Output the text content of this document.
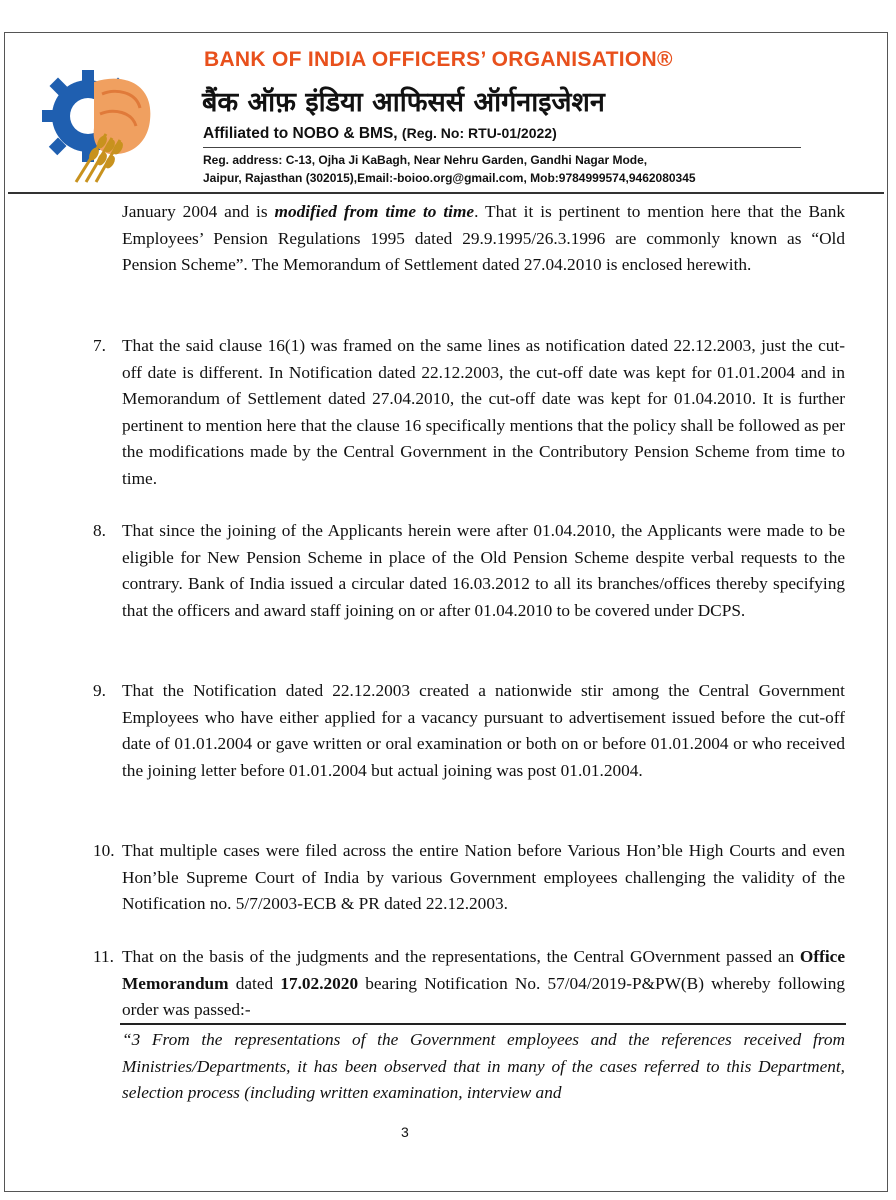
BANK OF INDIA OFFICERS’ ORGANISATION®
बैंक ऑफ़ इंडिया आफिसर्स ऑर्गनाइजेशन
Affiliated to NOBO & BMS, (Reg. No: RTU-01/2022)
Reg. address: C-13, Ojha Ji KaBagh, Near Nehru Garden, Gandhi Nagar Mode,
Jaipur, Rajasthan (302015),Email:-boioo.org@gmail.com, Mob:9784999574,9462080345
January 2004 and is modified from time to time. That it is pertinent to mention here that the Bank Employees’ Pension Regulations 1995 dated 29.9.1995/26.3.1996 are commonly known as “Old Pension Scheme”. The Memorandum of Settlement dated 27.04.2010 is enclosed herewith.
7. That the said clause 16(1) was framed on the same lines as notification dated 22.12.2003, just the cut-off date is different. In Notification dated 22.12.2003, the cut-off date was kept for 01.01.2004 and in Memorandum of Settlement dated 27.04.2010, the cut-off date was kept for 01.04.2010. It is further pertinent to mention here that the clause 16 specifically mentions that the policy shall be followed as per the modifications made by the Central Government in the Contributory Pension Scheme from time to time.
8. That since the joining of the Applicants herein were after 01.04.2010, the Applicants were made to be eligible for New Pension Scheme in place of the Old Pension Scheme despite verbal requests to the contrary. Bank of India issued a circular dated 16.03.2012 to all its branches/offices thereby specifying that the officers and award staff joining on or after 01.04.2010 to be covered under DCPS.
9. That the Notification dated 22.12.2003 created a nationwide stir among the Central Government Employees who have either applied for a vacancy pursuant to advertisement issued before the cut-off date of 01.01.2004 or gave written or oral examination or both on or before 01.01.2004 or who received the joining letter before 01.01.2004 but actual joining was post 01.01.2004.
10. That multiple cases were filed across the entire Nation before Various Hon’ble High Courts and even Hon’ble Supreme Court of India by various Government employees challenging the validity of the Notification no. 5/7/2003-ECB & PR dated 22.12.2003.
11. That on the basis of the judgments and the representations, the Central GOvernment passed an Office Memorandum dated 17.02.2020 bearing Notification No. 57/04/2019-P&PW(B) whereby following order was passed:-
“3 From the representations of the Government employees and the references received from Ministries/Departments, it has been observed that in many of the cases referred to this Department, selection process (including written examination, interview and
3
